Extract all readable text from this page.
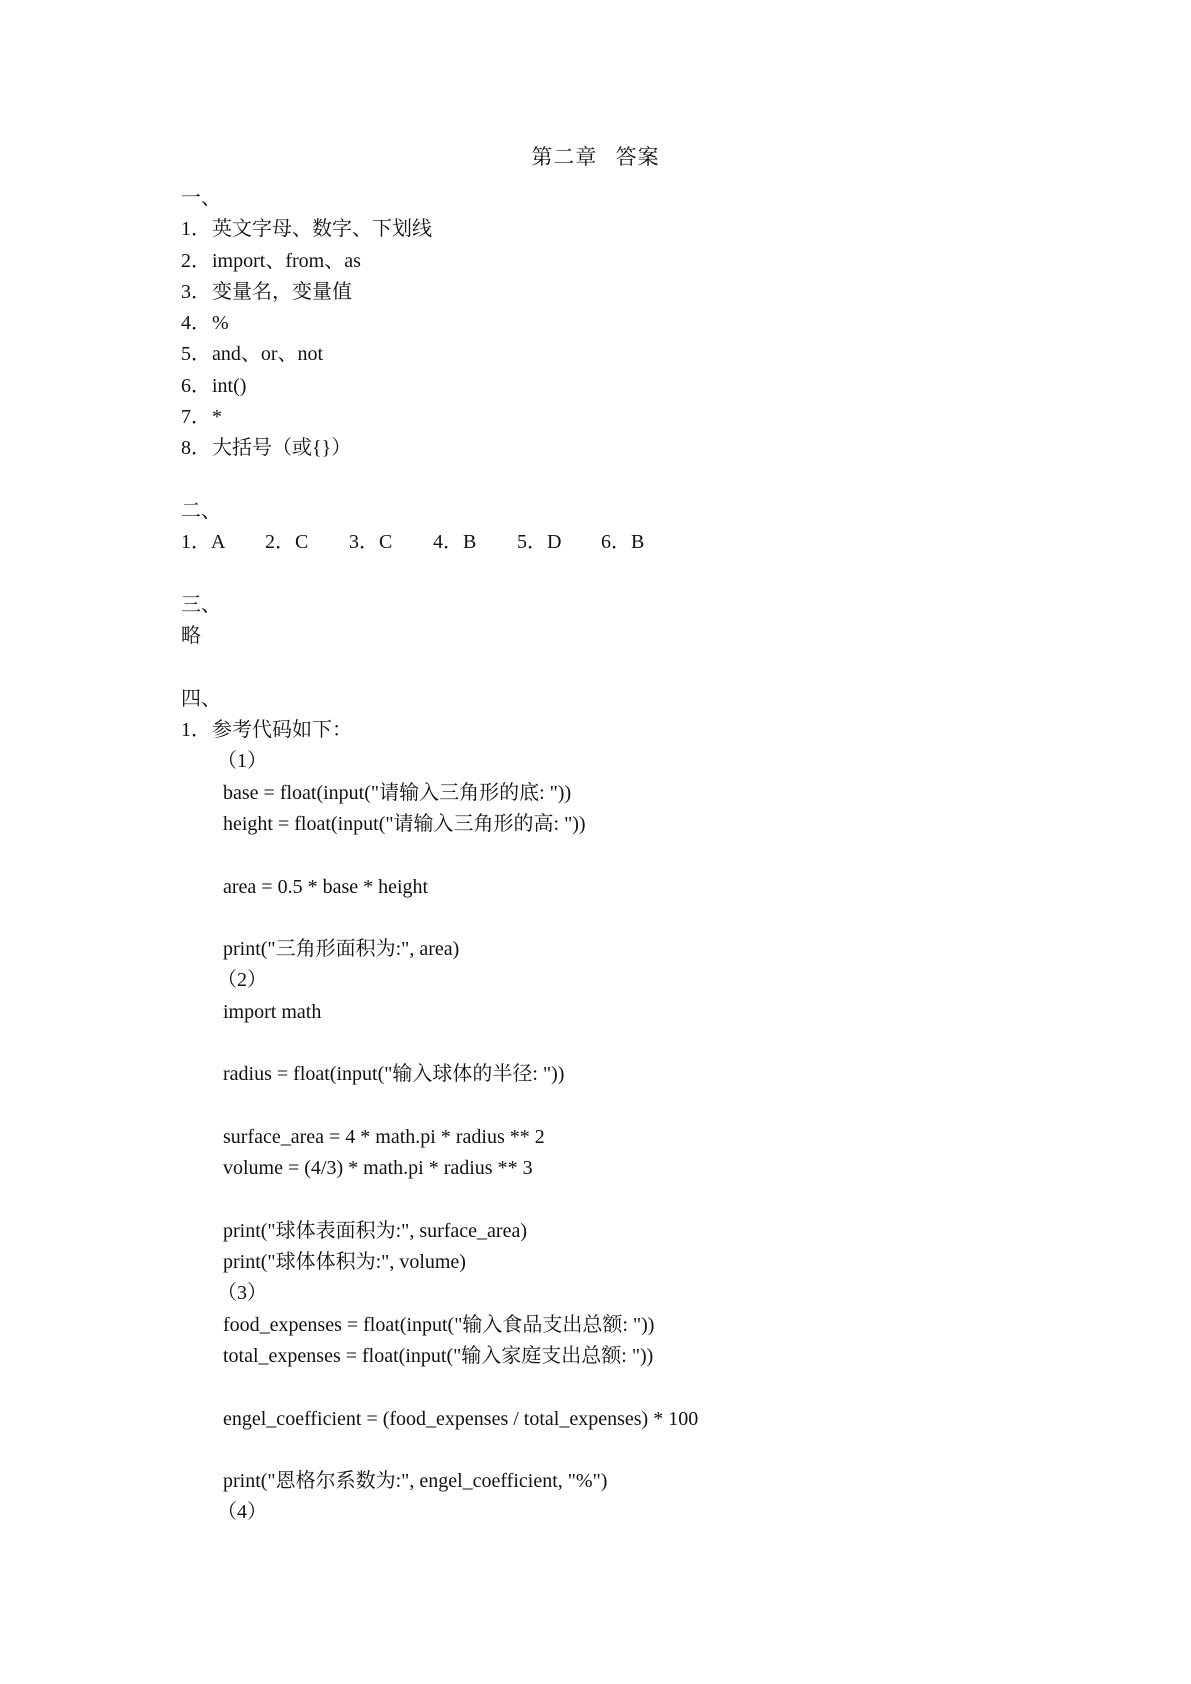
第二章 答案
一、
1．英文字母、数字、下划线
2．import、from、as
3．变量名，变量值
4．%
5．and、or、not
6．int()
7．*
8．大括号（或{}）
二、
1．A	2．C	3．C	4．B	5．D	6．B
三、
略
四、
1．参考代码如下：
（1）
base = float(input("请输入三角形的底: "))
height = float(input("请输入三角形的高: "))
area = 0.5 * base * height
print("三角形面积为:", area)
（2）
import math
radius = float(input("输入球体的半径: "))
surface_area = 4 * math.pi * radius ** 2
volume = (4/3) * math.pi * radius ** 3
print("球体表面积为:", surface_area)
print("球体体积为:", volume)
（3）
food_expenses = float(input("输入食品支出总额: "))
total_expenses = float(input("输入家庭支出总额: "))
engel_coefficient = (food_expenses / total_expenses) * 100
print("恩格尔系数为:", engel_coefficient, "%")
（4）
